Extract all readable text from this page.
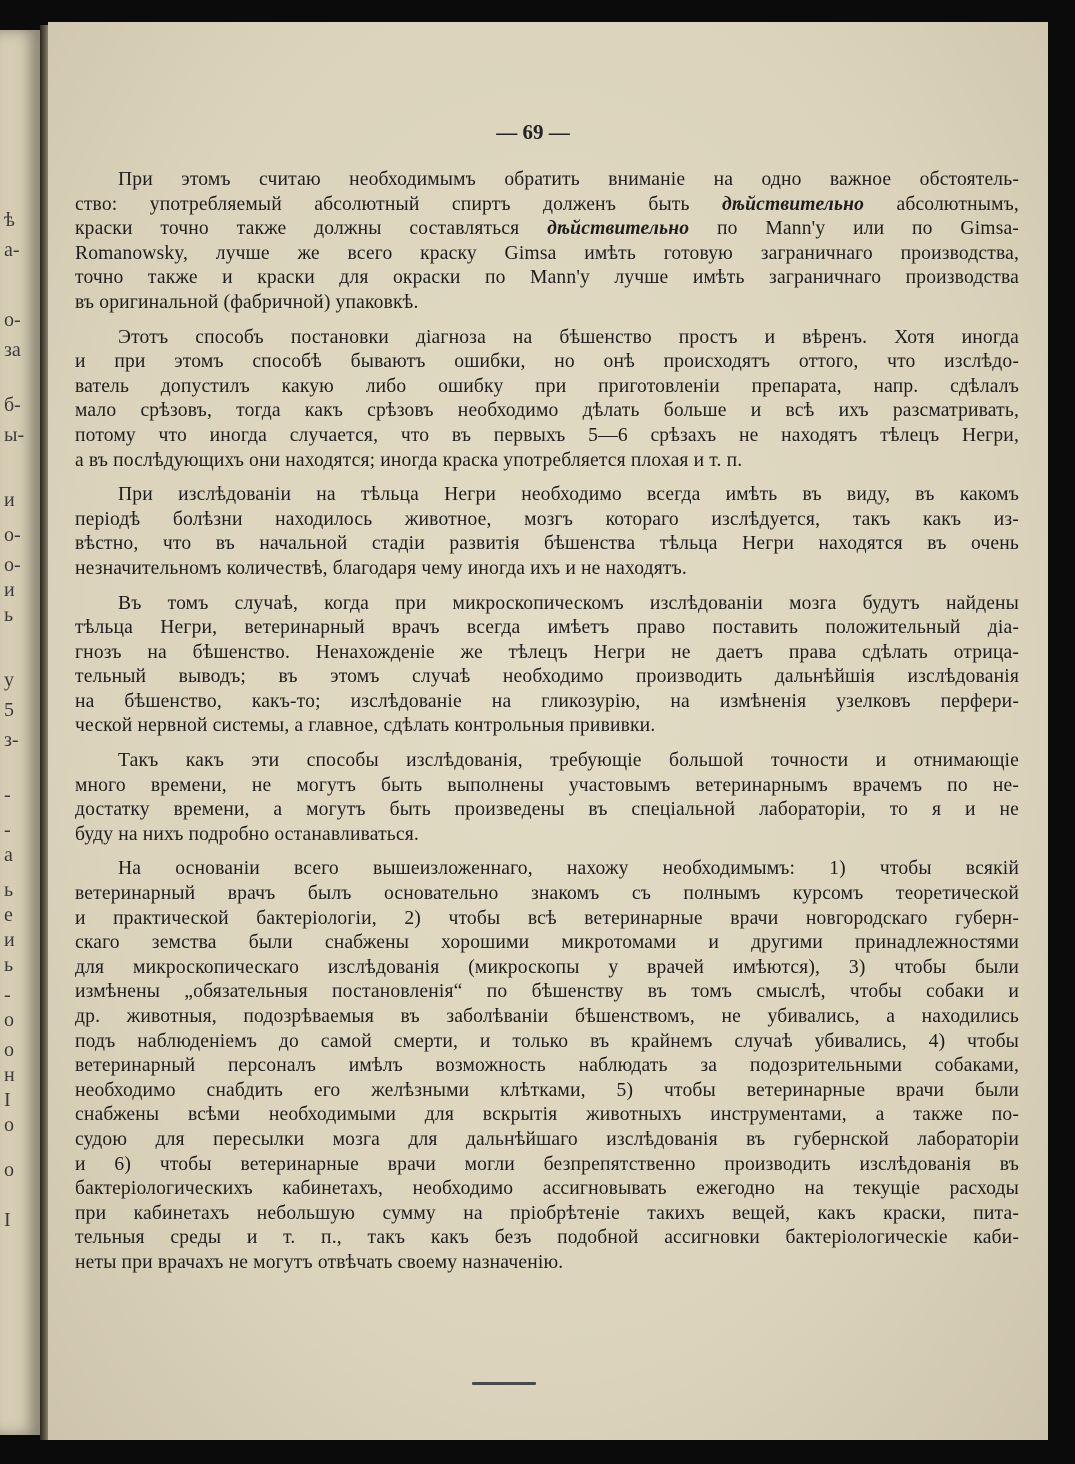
ѣ
а-
о-
за
б-
ы-
и
о-
о-
и
ь
у
5
з-
-
-
а
ь
е
и
ь
-
о
о
н
I
о
о
I
— 69 —
При этомъ считаю необходимымъ обратить вниманіе на одно важное обстоятель-
ство: употребляемый абсолютный спиртъ долженъ быть дѣйствительно абсолютнымъ,
краски точно также должны составляться дѣйствительно по Mann'у или по Gimsa-
Romanowsky, лучше же всего краску Gimsa имѣть готовую заграничнаго производства,
точно также и краски для окраски по Mann'у лучше имѣть заграничнаго производства
въ оригинальной (фабричной) упаковкѣ.
Этотъ способъ постановки діагноза на бѣшенство простъ и вѣренъ. Хотя иногда
и при этомъ способѣ бываютъ ошибки, но онѣ происходятъ оттого, что изслѣдо-
ватель допустилъ какую либо ошибку при приготовленіи препарата, напр. сдѣлалъ
мало срѣзовъ, тогда какъ срѣзовъ необходимо дѣлать больше и всѣ ихъ разсматривать,
потому что иногда случается, что въ первыхъ 5—6 срѣзахъ не находятъ тѣлецъ Негри,
а въ послѣдующихъ они находятся; иногда краска употребляется плохая и т. п.
При изслѣдованіи на тѣльца Негри необходимо всегда имѣть въ виду, въ какомъ
періодѣ болѣзни находилось животное, мозгъ котораго изслѣдуется, такъ какъ из-
вѣстно, что въ начальной стадіи развитія бѣшенства тѣльца Негри находятся въ очень
незначительномъ количествѣ, благодаря чему иногда ихъ и не находятъ.
Въ томъ случаѣ, когда при микроскопическомъ изслѣдованіи мозга будутъ найдены
тѣльца Негри, ветеринарный врачъ всегда имѣетъ право поставить положительный діа-
гнозъ на бѣшенство. Ненахожденіе же тѣлецъ Негри не даетъ права сдѣлать отрица-
тельный выводъ; въ этомъ случаѣ необходимо производить дальнѣйшія изслѣдованія
на бѣшенство, какъ-то; изслѣдованіе на гликозурію, на измѣненія узелковъ перфери-
ческой нервной системы, а главное, сдѣлать контрольныя прививки.
Такъ какъ эти способы изслѣдованія, требующіе большой точности и отнимающіе
много времени, не могутъ быть выполнены участовымъ ветеринарнымъ врачемъ по не-
достатку времени, а могутъ быть произведены въ спеціальной лабораторіи, то я и не
буду на нихъ подробно останавливаться.
На основаніи всего вышеизложеннаго, нахожу необходимымъ: 1) чтобы всякій
ветеринарный врачъ былъ основательно знакомъ съ полнымъ курсомъ теоретической
и практической бактеріологіи, 2) чтобы всѣ ветеринарные врачи новгородскаго губерн-
скаго земства были снабжены хорошими микротомами и другими принадлежностями
для микроскопическаго изслѣдованія (микроскопы у врачей имѣются), 3) чтобы были
измѣнены „обязательныя постановленія“ по бѣшенству въ томъ смыслѣ, чтобы собаки и
др. животныя, подозрѣваемыя въ заболѣваніи бѣшенствомъ, не убивались, а находились
подъ наблюденіемъ до самой смерти, и только въ крайнемъ случаѣ убивались, 4) чтобы
ветеринарный персоналъ имѣлъ возможность наблюдать за подозрительными собаками,
необходимо снабдить его желѣзными клѣтками, 5) чтобы ветеринарные врачи были
снабжены всѣми необходимыми для вскрытія животныхъ инструментами, а также по-
судою для пересылки мозга для дальнѣйшаго изслѣдованія въ губернской лабораторіи
и 6) чтобы ветеринарные врачи могли безпрепятственно производить изслѣдованія въ
бактеріологическихъ кабинетахъ, необходимо ассигновывать ежегодно на текущіе расходы
при кабинетахъ небольшую сумму на пріобрѣтеніе такихъ вещей, какъ краски, пита-
тельныя среды и т. п., такъ какъ безъ подобной ассигновки бактеріологическіе каби-
неты при врачахъ не могутъ отвѣчать своему назначенію.
